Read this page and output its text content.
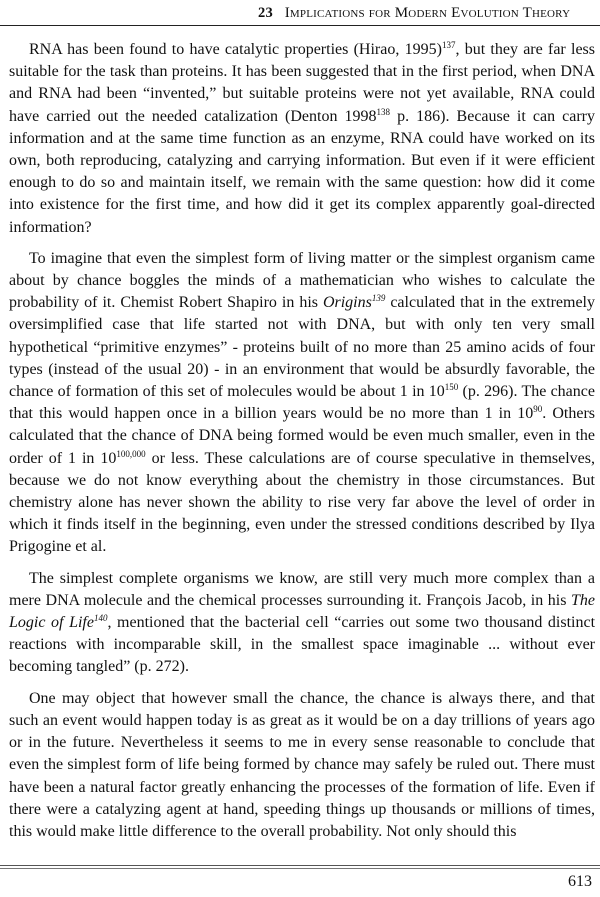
23 Implications for Modern Evolution Theory

RNA has been found to have catalytic properties (Hirao, 1995)$^{137}$, but they are far less suitable for the task than proteins. It has been suggested that in the first period, when DNA and RNA had been “invented,” but suitable proteins were not yet available, RNA could have carried out the needed catalization (Denton 1998$^{138}$ p. 186). Because it can carry information and at the same time function as an enzyme, RNA could have worked on its own, both reproducing, catalyzing and carrying information. But even if it were efficient enough to do so and maintain itself, we remain with the same question: how did it come into existence for the first time, and how did it get its complex apparently goal-directed information?

To imagine that even the simplest form of living matter or the simplest organism came about by chance boggles the minds of a mathematician who wishes to calculate the probability of it. Chemist Robert Shapiro in his Origins$^{139}$ calculated that in the extremely oversimplified case that life started not with DNA, but with only ten very small hypothetical “primitive enzymes” - proteins built of no more than 25 amino acids of four types (instead of the usual 20) - in an environment that would be absurdly favorable, the chance of formation of this set of molecules would be about 1 in $10^{150}$ (p. 296). The chance that this would happen once in a billion years would be no more than 1 in $10^{90}$. Others calculated that the chance of DNA being formed would be even much smaller, even in the order of 1 in 10$^{100,000}$ or less. These calculations are of course speculative in themselves, because we do not know everything about the chemistry in those circumstances. But chemistry alone has never shown the ability to rise very far above the level of order in which it finds itself in the beginning, even under the stressed conditions described by Ilya Prigogine et al.

The simplest complete organisms we know, are still very much more complex than a mere DNA molecule and the chemical processes surrounding it. François Jacob, in his The Logic of Life$^{140}$, mentioned that the bacterial cell “carries out some two thousand distinct reactions with incomparable skill, in the smallest space imaginable ... without ever becoming tangled” (p. 272).

One may object that however small the chance, the chance is always there, and that such an event would happen today is as great as it would be on a day trillions of years ago or in the future. Nevertheless it seems to me in every sense reasonable to conclude that even the simplest form of life being formed by chance may safely be ruled out. There must have been a natural factor greatly enhancing the processes of the formation of life. Even if there were a catalyzing agent at hand, speeding things up thousands or millions of times, this would make little difference to the overall probability. Not only should this

613
